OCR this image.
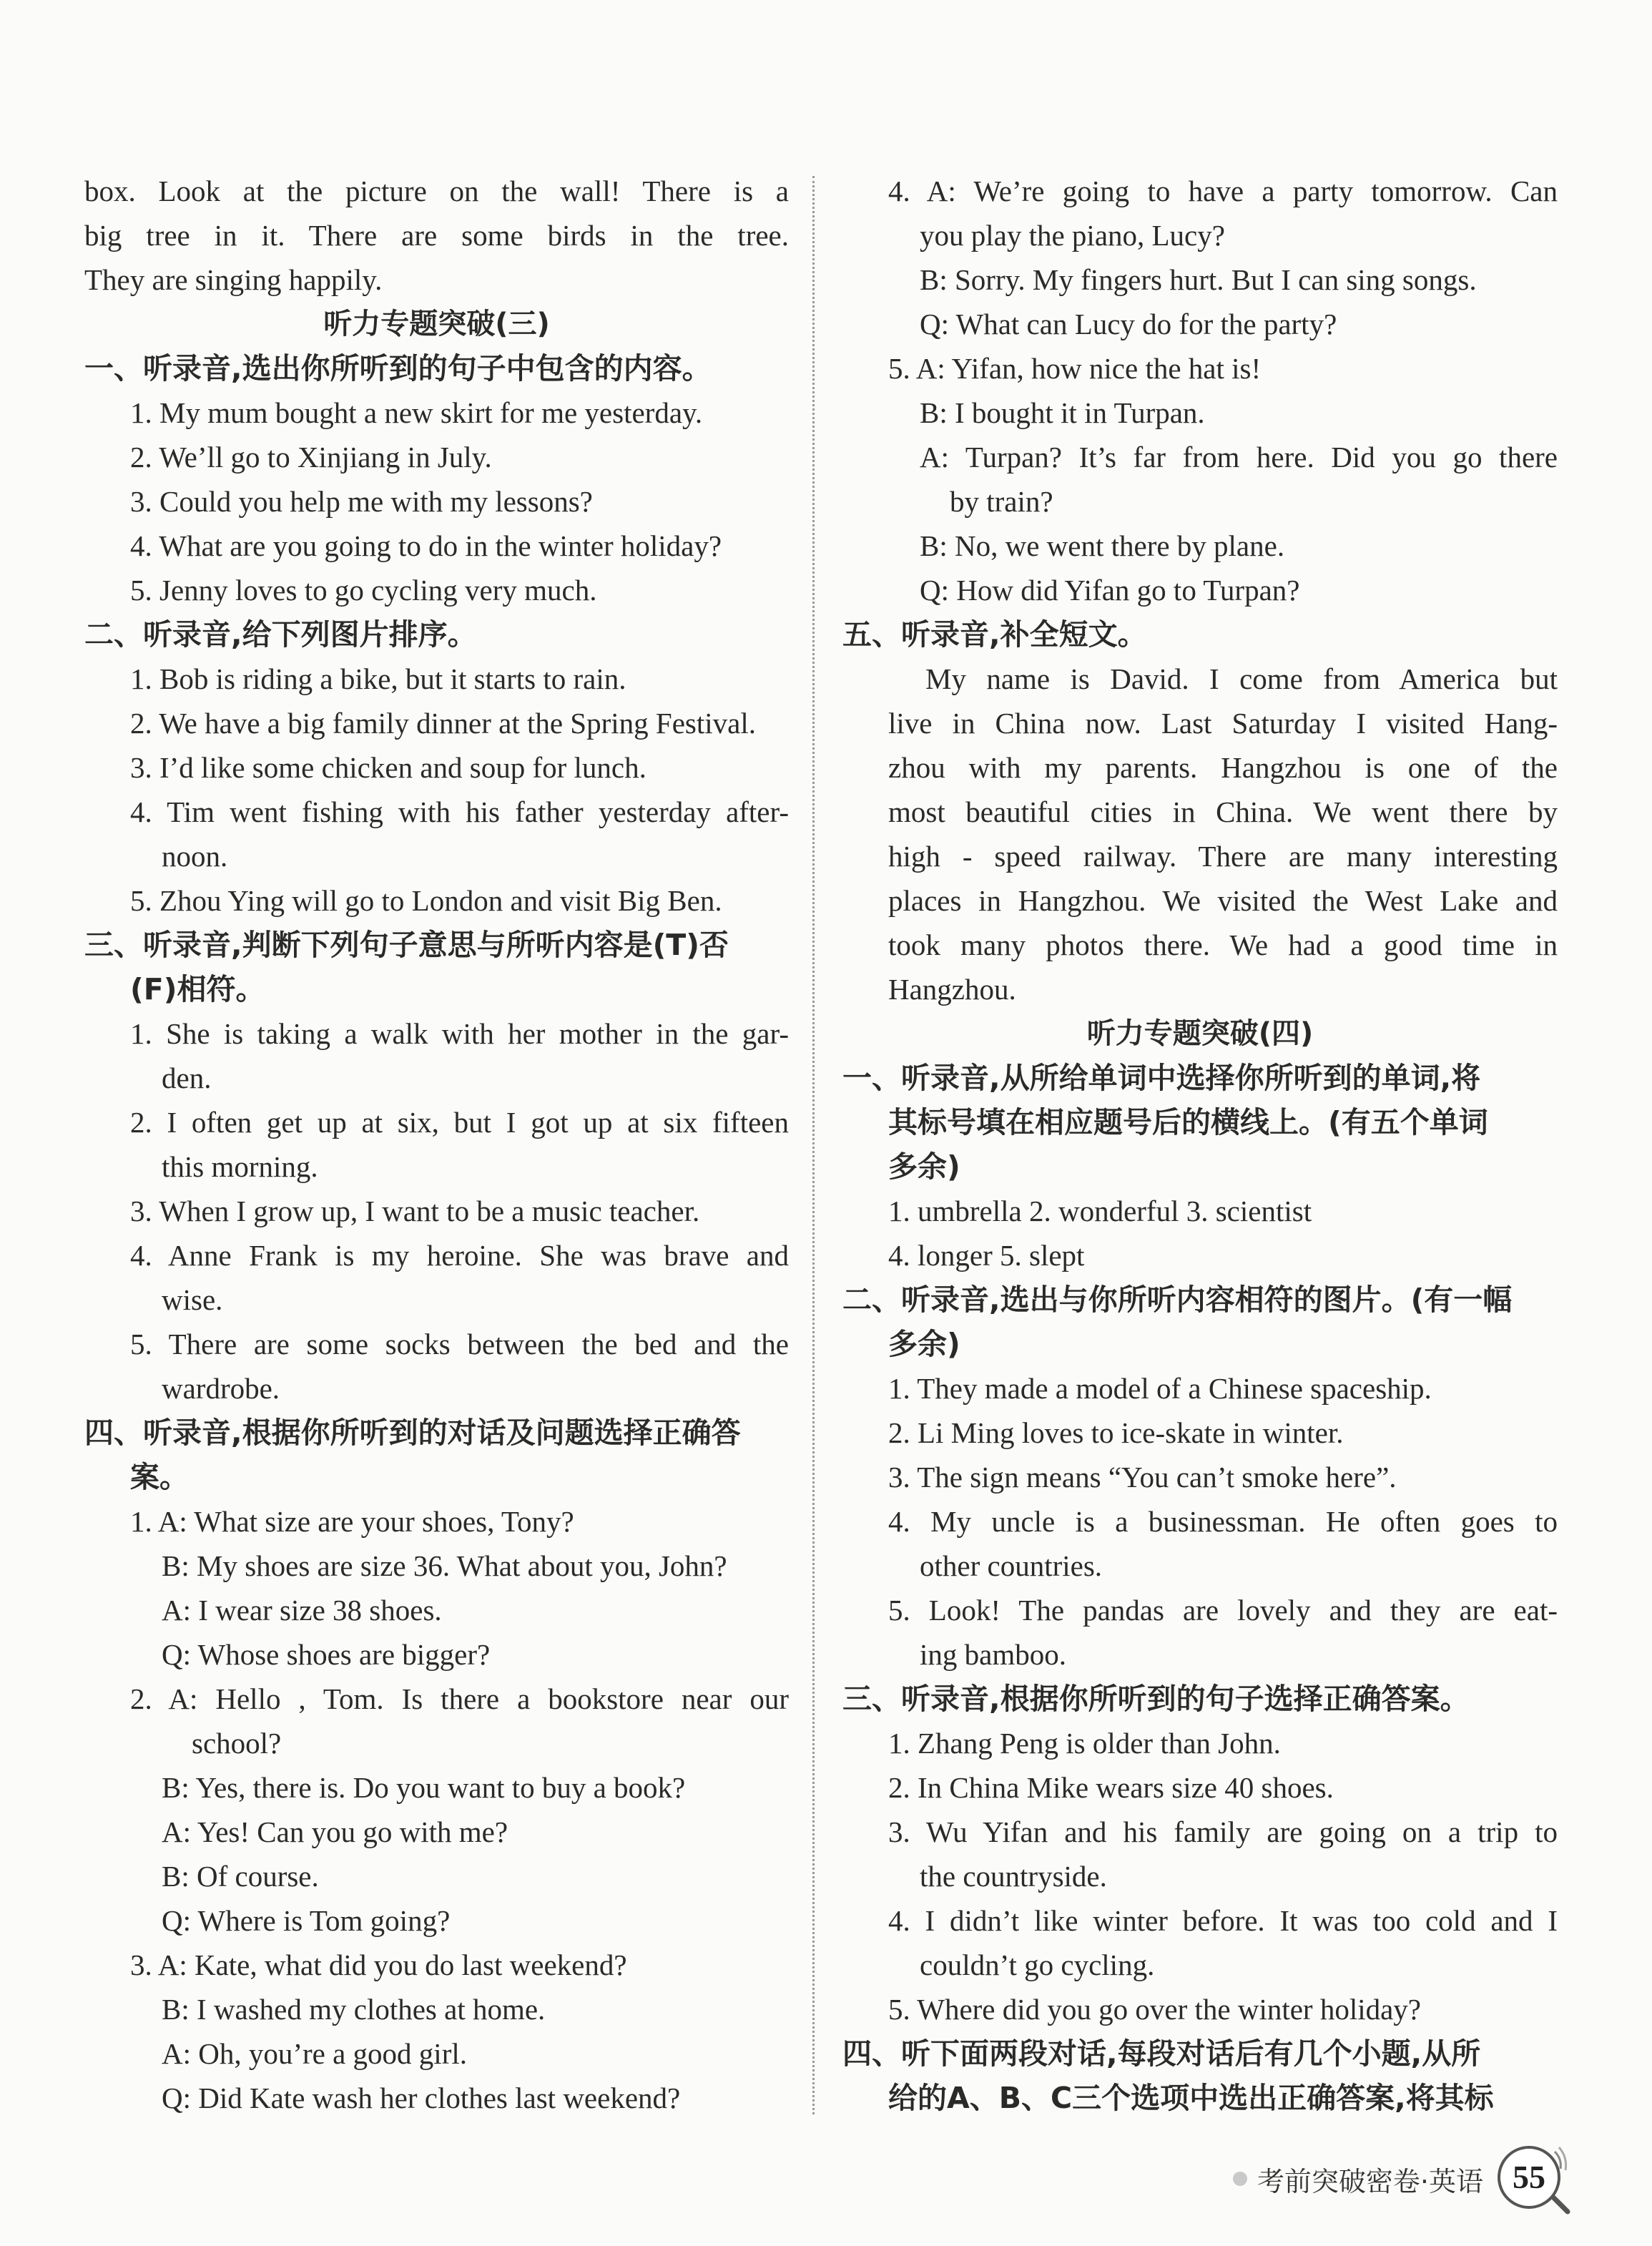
box. Look at the picture on the wall! There is a
big tree in it. There are some birds in the tree.
They are singing happily.
听力专题突破(三)
一、听录音,选出你所听到的句子中包含的内容。
1. My mum bought a new skirt for me yesterday.
2. We’ll go to Xinjiang in July.
3. Could you help me with my lessons?
4. What are you going to do in the winter holiday?
5. Jenny loves to go cycling very much.
二、听录音,给下列图片排序。
1. Bob is riding a bike, but it starts to rain.
2. We have a big family dinner at the Spring Festival.
3. I’d like some chicken and soup for lunch.
4. Tim went fishing with his father yesterday after-
noon.
5. Zhou Ying will go to London and visit Big Ben.
三、听录音,判断下列句子意思与所听内容是(T)否
(F)相符。
1. She is taking a walk with her mother in the gar-
den.
2. I often get up at six, but I got up at six fifteen
this morning.
3. When I grow up, I want to be a music teacher.
4. Anne Frank is my heroine. She was brave and
wise.
5. There are some socks between the bed and the
wardrobe.
四、听录音,根据你所听到的对话及问题选择正确答
案。
1. A: What size are your shoes, Tony?
B: My shoes are size 36. What about you, John?
A: I wear size 38 shoes.
Q: Whose shoes are bigger?
2. A: Hello , Tom. Is there a bookstore near our
school?
B: Yes, there is. Do you want to buy a book?
A: Yes! Can you go with me?
B: Of course.
Q: Where is Tom going?
3. A: Kate, what did you do last weekend?
B: I washed my clothes at home.
A: Oh, you’re a good girl.
Q: Did Kate wash her clothes last weekend?
4. A: We’re going to have a party tomorrow. Can
you play the piano, Lucy?
B: Sorry. My fingers hurt. But I can sing songs.
Q: What can Lucy do for the party?
5. A: Yifan, how nice the hat is!
B: I bought it in Turpan.
A: Turpan? It’s far from here. Did you go there
by train?
B: No, we went there by plane.
Q: How did Yifan go to Turpan?
五、听录音,补全短文。
My name is David. I come from America but
live in China now. Last Saturday I visited Hang-
zhou with my parents. Hangzhou is one of the
most beautiful cities in China. We went there by
high - speed railway. There are many interesting
places in Hangzhou. We visited the West Lake and
took many photos there. We had a good time in
Hangzhou.
听力专题突破(四)
一、听录音,从所给单词中选择你所听到的单词,将
其标号填在相应题号后的横线上。(有五个单词
多余)
1. umbrella 2. wonderful 3. scientist
4. longer 5. slept
二、听录音,选出与你所听内容相符的图片。(有一幅
多余)
1. They made a model of a Chinese spaceship.
2. Li Ming loves to ice-skate in winter.
3. The sign means “You can’t smoke here”.
4. My uncle is a businessman. He often goes to
other countries.
5. Look! The pandas are lovely and they are eat-
ing bamboo.
三、听录音,根据你所听到的句子选择正确答案。
1. Zhang Peng is older than John.
2. In China Mike wears size 40 shoes.
3. Wu Yifan and his family are going on a trip to
the countryside.
4. I didn’t like winter before. It was too cold and I
couldn’t go cycling.
5. Where did you go over the winter holiday?
四、听下面两段对话,每段对话后有几个小题,从所
给的A、B、C三个选项中选出正确答案,将其标
考前突破密卷·英语 55
